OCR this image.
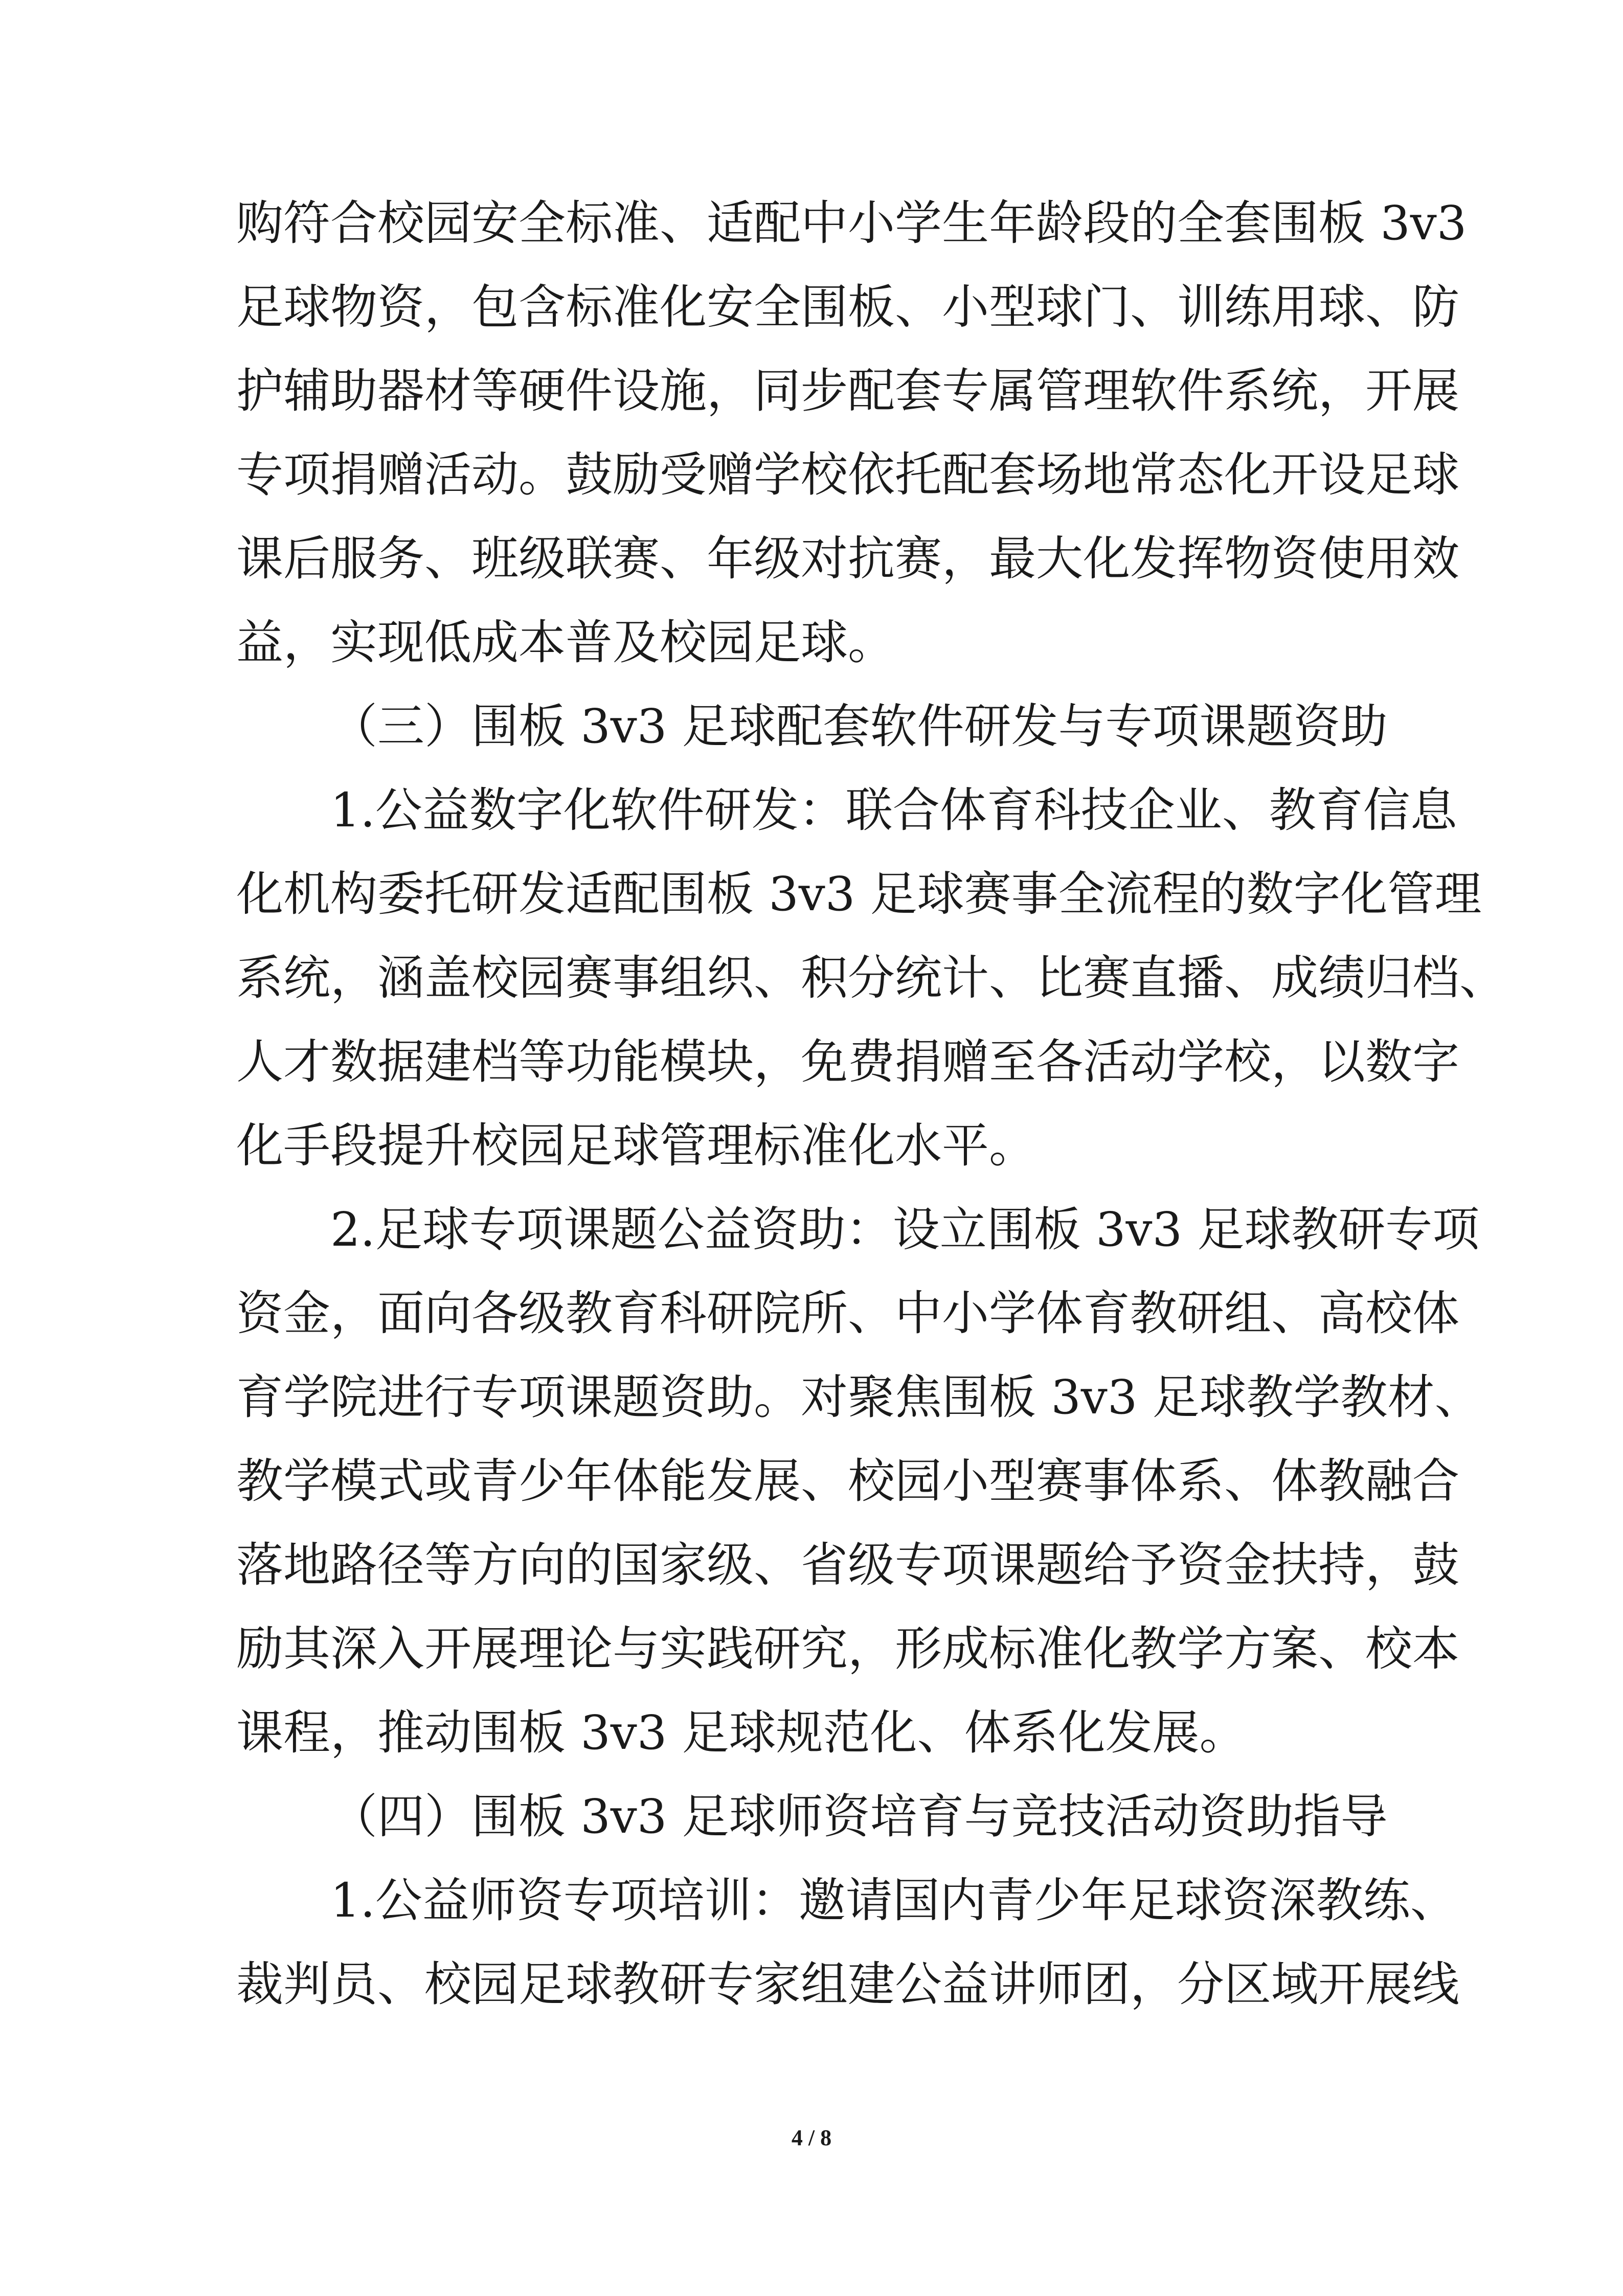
购符合校园安全标准、适配中小学生年龄段的全套围板 3v3
足球物资，包含标准化安全围板、小型球门、训练用球、防
护辅助器材等硬件设施，同步配套专属管理软件系统，开展
专项捐赠活动。鼓励受赠学校依托配套场地常态化开设足球
课后服务、班级联赛、年级对抗赛，最大化发挥物资使用效
益，实现低成本普及校园足球。
（三）围板 3v3 足球配套软件研发与专项课题资助
1.公益数字化软件研发：联合体育科技企业、教育信息
化机构委托研发适配围板 3v3 足球赛事全流程的数字化管理
系统，涵盖校园赛事组织、积分统计、比赛直播、成绩归档、
人才数据建档等功能模块，免费捐赠至各活动学校，以数字
化手段提升校园足球管理标准化水平。
2.足球专项课题公益资助：设立围板 3v3 足球教研专项
资金，面向各级教育科研院所、中小学体育教研组、高校体
育学院进行专项课题资助。对聚焦围板 3v3 足球教学教材、
教学模式或青少年体能发展、校园小型赛事体系、体教融合
落地路径等方向的国家级、省级专项课题给予资金扶持，鼓
励其深入开展理论与实践研究，形成标准化教学方案、校本
课程，推动围板 3v3 足球规范化、体系化发展。
（四）围板 3v3 足球师资培育与竞技活动资助指导
1.公益师资专项培训：邀请国内青少年足球资深教练、
裁判员、校园足球教研专家组建公益讲师团，分区域开展线
4 / 8
